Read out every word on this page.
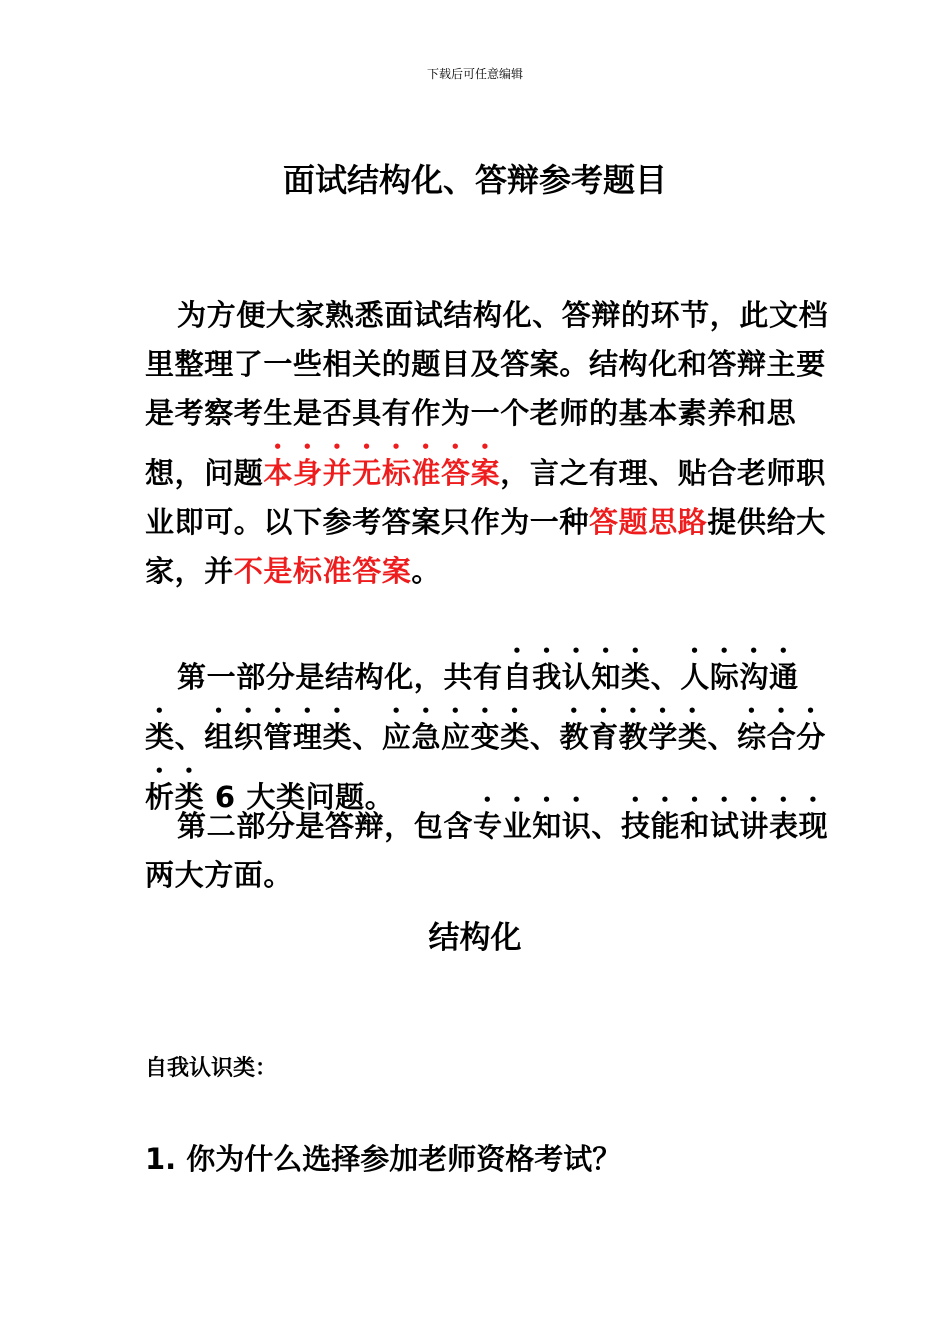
下载后可任意编辑
面试结构化、答辩参考题目
为方便大家熟悉面试结构化、答辩的环节，此文档里整理了一些相关的题目及答案。结构化和答辩主要是考察考生是否具有作为一个老师的基本素养和思想，问题本身并无标准答案，言之有理、贴合老师职业即可。以下参考答案只作为一种答题思路提供给大家，并不是标准答案。
第一部分是结构化，共有自我认知类、人际沟通类、组织管理类、应急应变类、教育教学类、综合分析类 6 大类问题。
第二部分是答辩，包含专业知识、技能和试讲表现两大方面。
结构化
自我认识类：
1. 你为什么选择参加老师资格考试？
